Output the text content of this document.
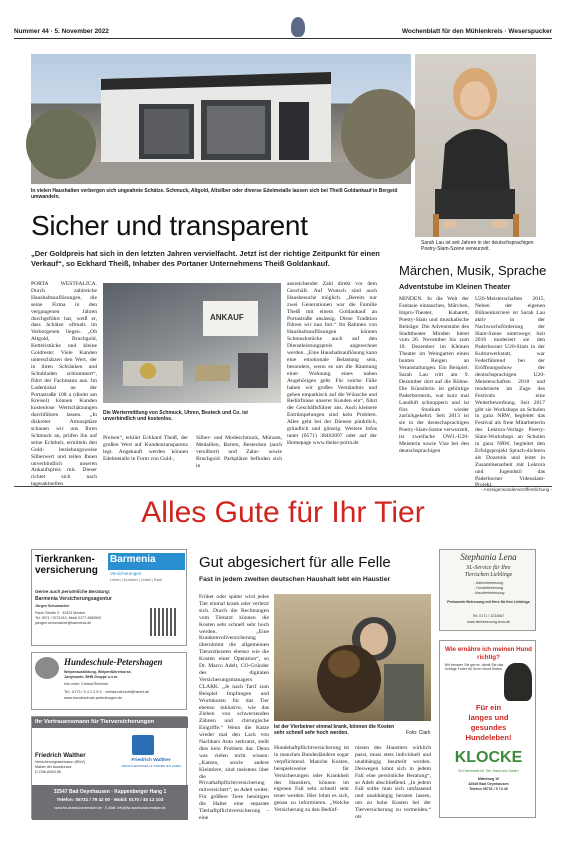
Nummer 44 · 5. November 2022	Wochenblatt für den Mühlenkreis · Weserspucker
In vielen Haushalten verbergen sich ungeahnte Schätze. Schmuck, Altgold, Altsilber oder diverse Edelmetalle lassen sich bei Theiß Goldankauf in Bergeid umwandeln.
Sicher und transparent
Sarah Lau ist seit Jahren in der deutschsprachigen Poetry-Slam-Szene verwurzelt.
„Der Goldpreis hat sich in den letzten Jahren vervielfacht. Jetzt ist der richtige Zeitpunkt für einen Verkauf“, so Eckhard Theiß, Inhaber des Portaner Unternehmens Theiß Goldankauf.
PORTA WESTFALICA. Durch zahlreiche Haushaltsauflösungen, die seine Firma in den vergangenen Jahren durchgeführt hat, weiß er, dass Schätze oftmals im Verborgenen liegen. „Ob Altgold, Bruchgold, Ketteristücke und kleine Goldreste: Viele Kunden unterschätzen den Wert, der in ihren Schränken und Schubladen schlummert“, führt der Fachmann aus. Im Ladenlokal an der Portastraße 108 a (direkt am Kreisel) können Kunden kostenlose Wertschätzungen durchführen lassen. „In diskreter Atmosphäre schauen wir uns Ihren Schmuck an, prüfen ihn auf seine Echtheit, ermitteln den Gold- beziehungsweise Silberwert und teilen Ihnen unverbindlich unseren Ankaufspreis mit. Dieser richtet sich nach tagesaktuellen
ANKAUF
Die Wertermittlung von Schmuck, Uhren, Besteck und Co. ist unverbindlich und kostenlos.
Preisen“, erklärt Eckhard Theiß, der großen Wert auf Kundentransparenz legt. Angekauft werden können Edelmetalle in Form von Gold-,
Silber- und Modeschmuck, Münzen, Medaillen, Barren, Bestecken (auch versilbert) und Zahn- sowie Bruchgold. Parkplätze befinden sich in
ausreichender Zahl direkt vor dem Geschäft. Auf Wunsch sind auch Hausbesuche möglich. „Bereits nur zwei Generationen war die Familie Theiß mit einem Goldankauf an Portastraße ansässig. Diese Tradition führen wir nun fort.“ Im Rahmen von Haushaltsauflösungen können Schmuckstücke auch auf den Dienstleistungspreis angerechnet werden. „Eine Haushaltsauflösung kann eine emotionale Belastung sein, besonders, wenn es um die Räumung einer Wohnung eines nahen Angehörigen geht. Für solche Fälle haben wir großes Verständnis und gehen empathisch auf die Wünsche und Bedürfnisse unserer Kunden ein“, führt der Geschäftsführer aus. Auch kleinere Entrümpelungen sind kein Problem. Alles geht bei der Dienste pünktlich, gründlich und günstig. Weitere Infos unter (0571) 38462097 oder auf der Homepage www.theiss-porta.de
Märchen, Musik, Sprache
Adventstube im Kleinen Theater
MINDEN. In die Welt der Fantasie eintauchen, Märchen, Impro-Theater, Kabarett, Poetry-Slam und musikalische Beiträge: Die Adventstube des Stadttheater Minden bietet vom 26. November bis zum 18. Dezember im Kleinen Theater im Weingarten einen bunten Reigen an Veranstaltungen. Ein Beispiel: Sarah Lau tritt am 9. Dezember dort auf die Bühne. Die Künstlerin ist gebürtige Paderbornerin, war kurz mal Landluft schnuppern und ist fürs Studium wieder zurückgekehrt. Seit 2013 ist sie in der deutschsprachigen Poetry-Slam-Szene verwurzelt, ist zweifache OWL-U20-Meisterin sowie Vize bei den deutschsprachigen
U20-Meisterschaften 2015. Neben der eigenen Bühnenkarriere ist Sarah Lau aktiv in der Nachwuchsförderung der Slam-Szene unterwegs: Seit 2016 moderiert sie den Paderborner U20-Slam in der Kulturwerkstatt, war Federführend bei der Eröffnungsshow der deutschsprachigen U20-Meisterschaften 2018 und moderierte im Zuge des Festivals eine Weiterbewerbung. Seit 2017 gibt sie Workshops an Schulen in ganz NRW, begleitet das Festival als freie Mitarbeiterin des Lektora-Verlags Poetry-Slam-Workshops an Schulen in ganz NRW, begleitet den Erfolgsprojekt Sprach-dichtern als Dozentin und leitet in Zusammenarbeit mit Lektora und Jugendstil das Paderborner Videoslam-Projekt.
- Anzeigensonderveröffentlichung -
Alles Gute für Ihr Tier
Tierkranken-versicherung
Barmenia
Versicherungen
Leben | Kranken | Unfall | Sach
Gerne auch persönliche Beratung:
Barmenia Versicherungsagentur
Jürgen Schumacher
Paulo Straße 3 · 32423 Minden
Tel. 0571 / 9721910, Mobil 0177 4985500
juergen.schumacher@barmenia.de
Hundeschule-Petershagen
Welpenausbildung, Welpenführerkurse,
Junghunde, BHB Gruppe u.v.m.
Info unter: Christa Reinhold
Tel.: 0173 / 0 4 2 2 5 4 · christa.reinhold@hsnet.de
www.hundeschule-petershagen.de
Ihr Vertrauensmann für Tierversicherungen
Friedrich Walther
Versicherungsfachmann (BWV)
Makler der Assekuranz
D-O98-AVB9-56
Friedrich Walther
VERSICHERUNGEN & IMMOBILIEN GMBH
32547 Bad Oeynhausen · Kappenberger Hang 1
Telefon: 05731 / 79 42 00 · Mobil: 0170 / 45 12 103
www.fw-assekuranzmakler.de · E-Mail: info@fw-assekuranzmakler.de
Gut abgesichert für alle Felle
Fast in jedem zweiten deutschen Haushalt lebt ein Haustier
Früher oder später wird jedes Tier einmal krank oder verletzt sich. Durch die Rechnungen vom Tierarzt können die Kosten sehr schnell sehr hoch werden. „Eine Krankenvollversicherung übernimmt die allgemeinen Tierarztkosten ebenso wie die Kosten einer Operation“, so Dr. Marco Adelt, CO-Gründer des digitalen Versicherungsmanagers CLARK. „Je nach Tarif zum Beispiel Impfungen und Wurmkuren für das Tier ebenso inklusive, wie das Ziehen von schwerzenden Zähnen und chirurgische Eingriffe.“ Wenn die Katze wieder mal den Lack von Nachbars Auto zerkratzt, stellt dies kein Problem dar. Denn was vielen nicht wissen: „Katzen, sowie andere Kleintiere, sind meistens über die Privathaftpflichtversicherung mitversichert“, so Adelt weiter. Für größere Tiere benötigen die Halter eine separate Tierhaftpflichtversicherung – eine
Ist der Vierbeiner einmal krank, können die Kosten sehr schnell sehr hoch werden.	Foto: Clark
Hundehaftpflichtversicherung ist in manchen Bundesländern sogar verpflichtend. Manche Kosten, beispielsweise für Versicherungen oder Krankheit des Haustiers, können im eigenen Fall sehr schnell sehr teuer werden. Hier lohnt es sich, genau zu informieren. „Welche Versicherung zu den Bedürf-
nissen des Haustiers wirklich passt, muss stets individuell und unabhängig beurteilt werden. Deswegen lohnt sich in jedem Fall eine persönliche Beratung“, so Adelt abschließend. „In jedem Fall sollte man sich umfassend und unabhängig beraten lassen, um zu hohe Kosten bei der Tierversicherung zu vermeiden.“ ots
Stephania Lena
SL-Service für Ihre
Tierischen Lieblinge
- Katzenbetreuung
- Hundebetreuung
- Haustierbetreuung
Preiswerte Betreuung mit Herz für Ihre Lieblinge
Tel. 0171 / 1234567
www.tierbetreuung-lena.de
Wie ernähre ich meinen Hund richtig?
Wir beraten Sie gerne, damit Sie das richtige Futter für Ihren Hund finden.
Für ein
langes und
gesundes
Hundeleben!
KLOCKE
Ihr Fachmarkt für Tier, Haus und Garten
Mittelweg 10
32549 Bad Oeynhausen
Telefon 05731 / 9 74 40
